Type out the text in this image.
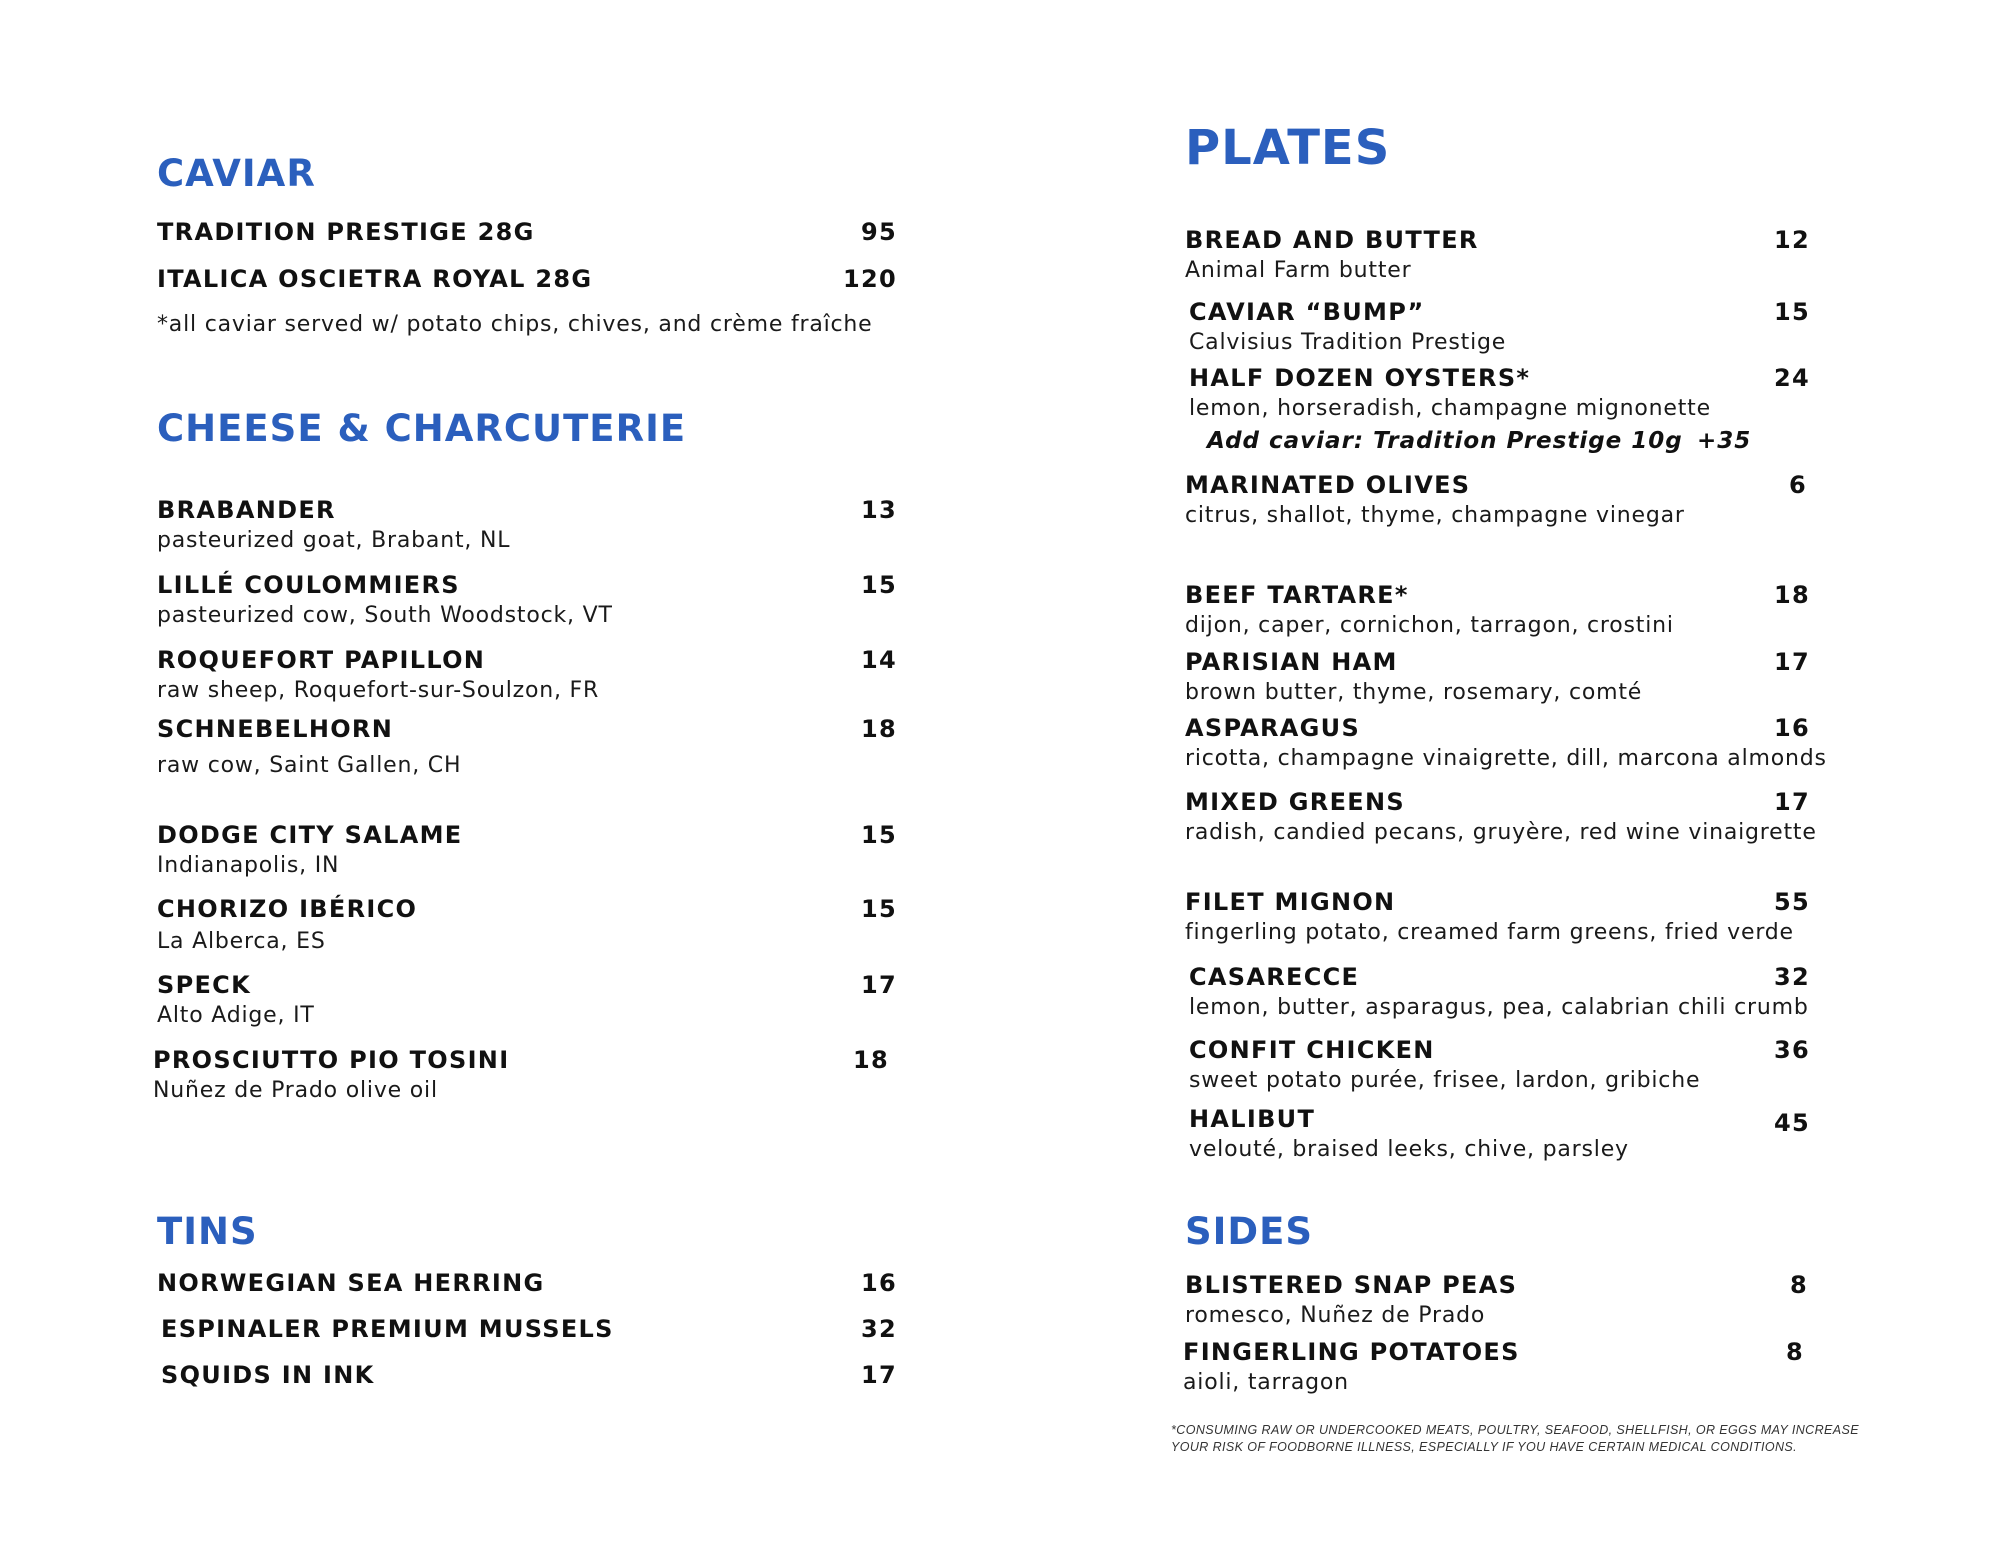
CAVIAR
TRADITION PRESTIGE 28G	95
ITALICA OSCIETRA ROYAL 28G	120
*all caviar served w/ potato chips, chives, and crème fraîche
CHEESE & CHARCUTERIE
BRABANDER	13
pasteurized goat, Brabant, NL
LILLÉ COULOMMIERS	15
pasteurized cow, South Woodstock, VT
ROQUEFORT PAPILLON	14
raw sheep, Roquefort-sur-Soulzon, FR
SCHNEBELHORN	18
raw cow, Saint Gallen, CH
DODGE CITY SALAME	15
Indianapolis, IN
CHORIZO IBÉRICO	15
La Alberca, ES
SPECK	17
Alto Adige, IT
PROSCIUTTO PIO TOSINI	18
Nuñez de Prado olive oil
TINS
NORWEGIAN SEA HERRING	16
ESPINALER PREMIUM MUSSELS	32
SQUIDS IN INK	17
PLATES
BREAD AND BUTTER	12
Animal Farm butter
CAVIAR “BUMP”	15
Calvisius Tradition Prestige
HALF DOZEN OYSTERS*	24
lemon, horseradish, champagne mignonette
Add caviar: Tradition Prestige 10g +35
MARINATED OLIVES	6
citrus, shallot, thyme, champagne vinegar
BEEF TARTARE*	18
dijon, caper, cornichon, tarragon, crostini
PARISIAN HAM	17
brown butter, thyme, rosemary, comté
ASPARAGUS	16
ricotta, champagne vinaigrette, dill, marcona almonds
MIXED GREENS	17
radish, candied pecans, gruyère, red wine vinaigrette
FILET MIGNON	55
fingerling potato, creamed farm greens, fried verde
CASARECCE	32
lemon, butter, asparagus, pea, calabrian chili crumb
CONFIT CHICKEN	36
sweet potato purée, frisee, lardon, gribiche
HALIBUT	45
velouté, braised leeks, chive, parsley
SIDES
BLISTERED SNAP PEAS	8
romesco, Nuñez de Prado
FINGERLING POTATOES	8
aioli, tarragon
*CONSUMING RAW OR UNDERCOOKED MEATS, POULTRY, SEAFOOD, SHELLFISH, OR EGGS MAY INCREASE YOUR RISK OF FOODBORNE ILLNESS, ESPECIALLY IF YOU HAVE CERTAIN MEDICAL CONDITIONS.
